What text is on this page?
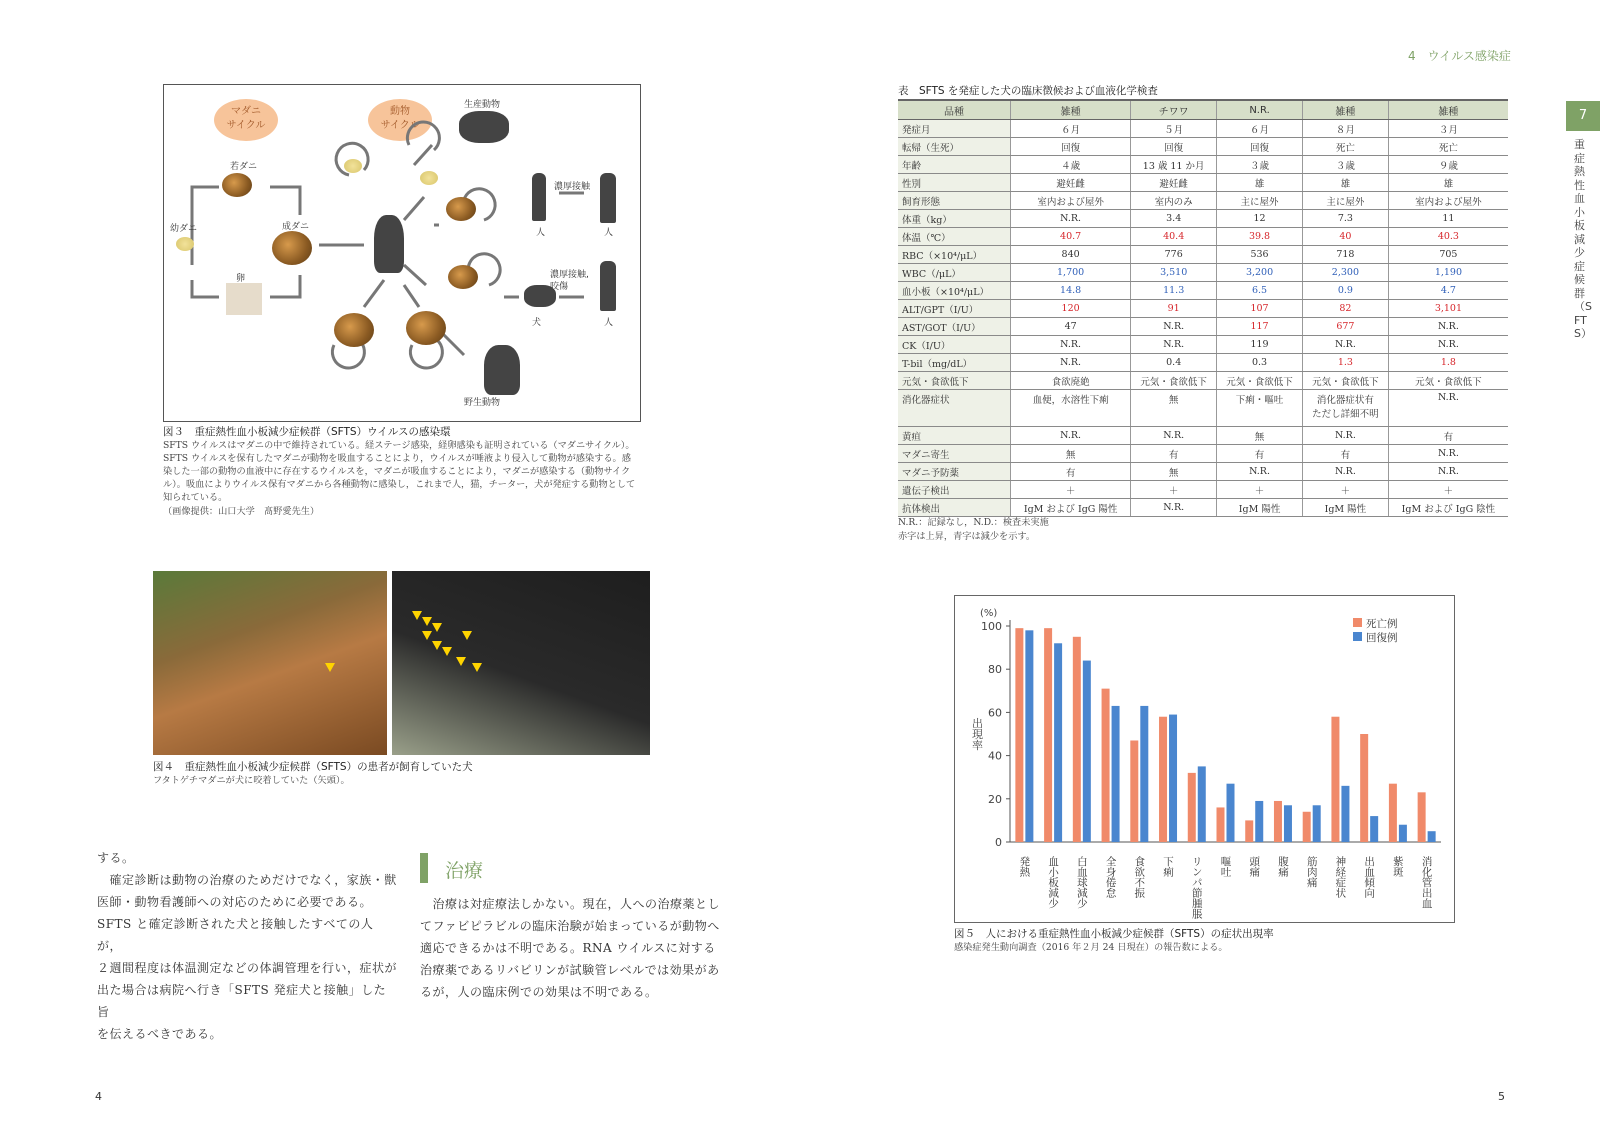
4　ウイルス感染症
7
重症熱性血小板減少症候群（SFTS）
マダニ
サイクル
動物
サイクル
若ダニ
成ダニ
幼ダニ
卵
生産動物
野生動物
濃厚接触
濃厚接触,
咬傷
人	人
犬	人
図３　重症熱性血小板減少症候群（SFTS）ウイルスの感染環
SFTS ウイルスはマダニの中で維持されている。経ステージ感染，経卵感染も証明されている（マダニサイクル）。SFTS ウイルスを保有したマダニが動物を吸血することにより，ウイルスが唾液より侵入して動物が感染する。感染した一部の動物の血液中に存在するウイルスを，マダニが吸血することにより，マダニが感染する（動物サイクル）。吸血によりウイルス保有マダニから各種動物に感染し，これまで人，猫，チーター，犬が発症する動物として知られている。
（画像提供：山口大学　髙野愛先生）
図４　重症熱性血小板減少症候群（SFTS）の患者が飼育していた犬
フタトゲチマダニが犬に咬着していた（矢頭）。
する。
　確定診断は動物の治療のためだけでなく，家族・獣
医師・動物看護師への対応のために必要である。
SFTS と確定診断された犬と接触したすべての人が，
２週間程度は体温測定などの体調管理を行い，症状が
出た場合は病院へ行き「SFTS 発症犬と接触」した旨
を伝えるべきである。
治療
　治療は対症療法しかない。現在，人への治療薬とし
てファビピラビルの臨床治験が始まっているが動物へ
適応できるかは不明である。RNA ウイルスに対する
治療薬であるリバビリンが試験管レベルでは効果があ
るが，人の臨床例での効果は不明である。
表　SFTS を発症した犬の臨床徴候および血液化学検査
品種	雑種	チワワ	N.R.	雑種	雑種
発症月	６月	５月	６月	８月	３月
転帰（生死）	回復	回復	回復	死亡	死亡
年齢	４歳	13 歳 11 か月	３歳	３歳	９歳
性別	避妊雌	避妊雌	雄	雄	雄
飼育形態	室内および屋外	室内のみ	主に屋外	主に屋外	室内および屋外
体重（kg）	N.R.	3.4	12	7.3	11
体温（℃）	40.7	40.4	39.8	40	40.3
RBC（×10⁴/μL）	840	776	536	718	705
WBC（/μL）	1,700	3,510	3,200	2,300	1,190
血小板（×10⁴/μL）	14.8	11.3	6.5	0.9	4.7
ALT/GPT（I/U）	120	91	107	82	3,101
AST/GOT（I/U）	47	N.R.	117	677	N.R.
CK（I/U）	N.R.	N.R.	119	N.R.	N.R.
T-bil（mg/dL）	N.R.	0.4	0.3	1.3	1.8
元気・食欲低下	食欲廃絶	元気・食欲低下	元気・食欲低下	元気・食欲低下	元気・食欲低下
消化器症状	血便，水溶性下痢	無	下痢・嘔吐	消化器症状有
ただし詳細不明	N.R.
黄疸	N.R.	N.R.	無	N.R.	有
マダニ寄生	無	有	有	有	N.R.
マダニ予防薬	有	無	N.R.	N.R.	N.R.
遺伝子検出	＋	＋	＋	＋	＋
抗体検出	IgM および IgG 陽性	N.R.	IgM 陽性	IgM 陽性	IgM および IgG 陰性
N.R.：記録なし，N.D.：検査未実施
赤字は上昇，青字は減少を示す。
0
20
40
60
80
100
(%)
出現率
発熱 血小板減少 白血球減少 全身倦怠 食欲不振 下痢 リンパ節腫脹 嘔吐 頭痛 腹痛 筋肉痛 神経症状 出血傾向 紫斑 消化管出血
死亡例
回復例
図５　人における重症熱性血小板減少症候群（SFTS）の症状出現率
感染症発生動向調査（2016 年２月 24 日現在）の報告数による。
4	5
